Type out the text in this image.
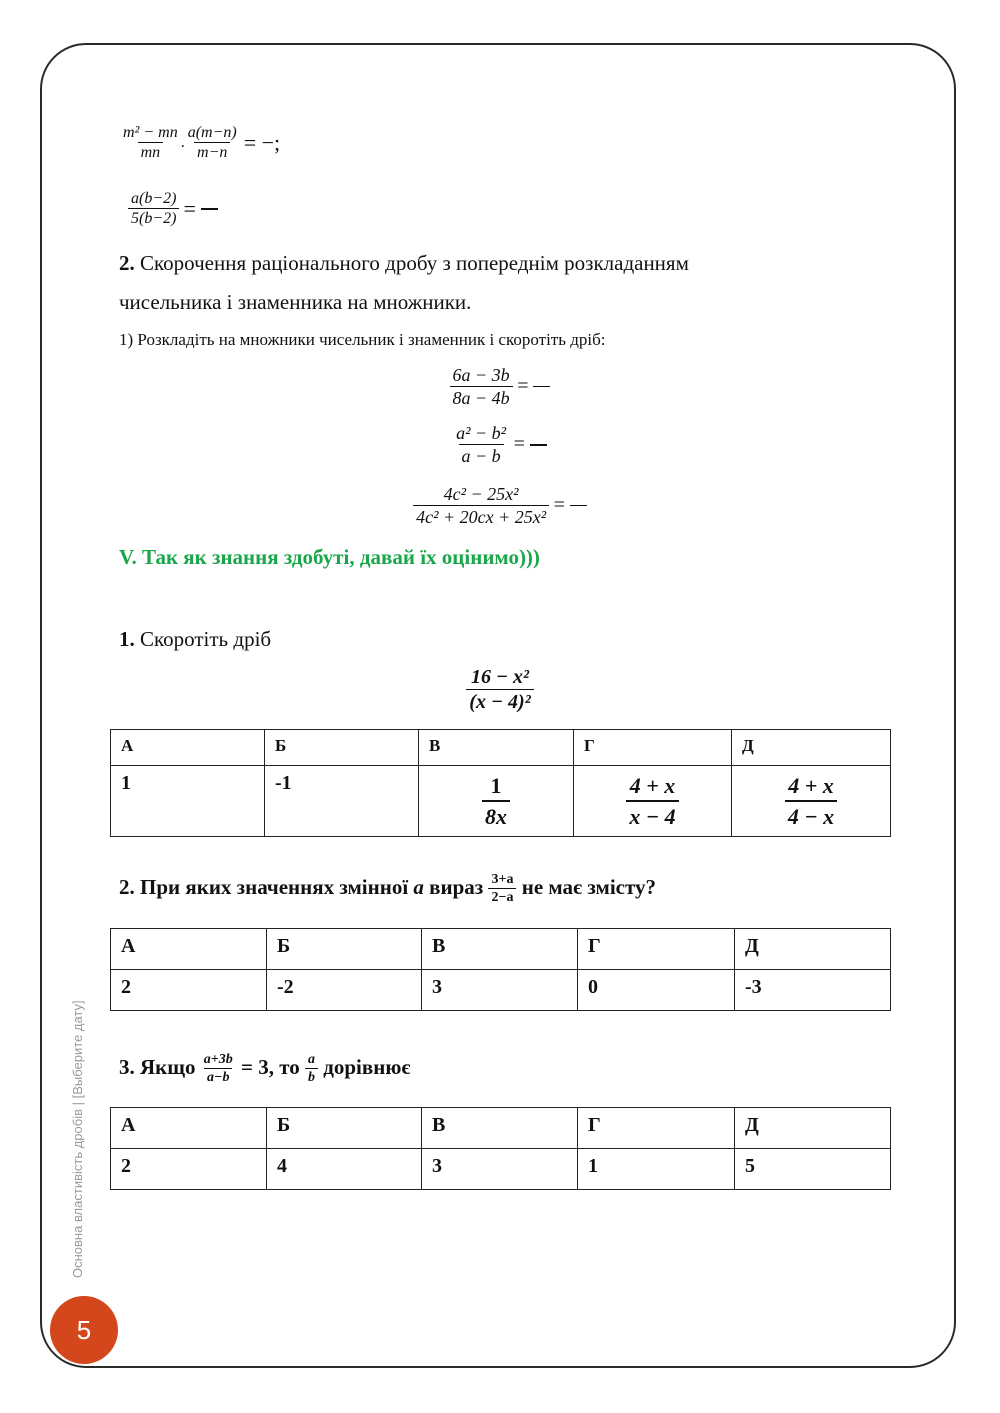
$\frac{\text{m² − mn}}{mn}$ . $\frac{a(m-n)}{m-n}$ = −;
$\frac{a(b-2)}{5(b-2)}$ =
2. Скорочення раціонального дробу з попереднім розкладанням
чисельника і знаменника на множники.
1) Розкладіть на множники чисельник і знаменник і скоротіть дріб:
$\frac{6a - 3b}{8a - 4b}$ =
$\frac{\text{a² − b²}}{a - b}$ =
$\frac{\text{4c² − 25x²}}{\text{4c² + 20cx + 25x²}}$ =
V. Так як знання здобуті, давай їх оцінимо)))
1. Скоротіть дріб
$\frac{\text{16 − x²}}{\text{(x − 4)²}}$
А	Б	В	Г	Д
1	-1	$\frac{1}{8x}$	$\frac{4 + x}{x - 4}$	$\frac{4 + x}{4 - x}$
2. При яких значеннях змінної a вираз $\frac{3+a}{2-a}$ не має змісту?
А	Б	В	Г	Д
2	-2	3	0	-3
3. Якщо $\frac{a+3b}{a-b} = 3$, то $\frac{a}{b}$ дорівнює
А	Б	В	Г	Д
2	4	3	1	5
Основна властивість дробів | [Выберите дату]
5
